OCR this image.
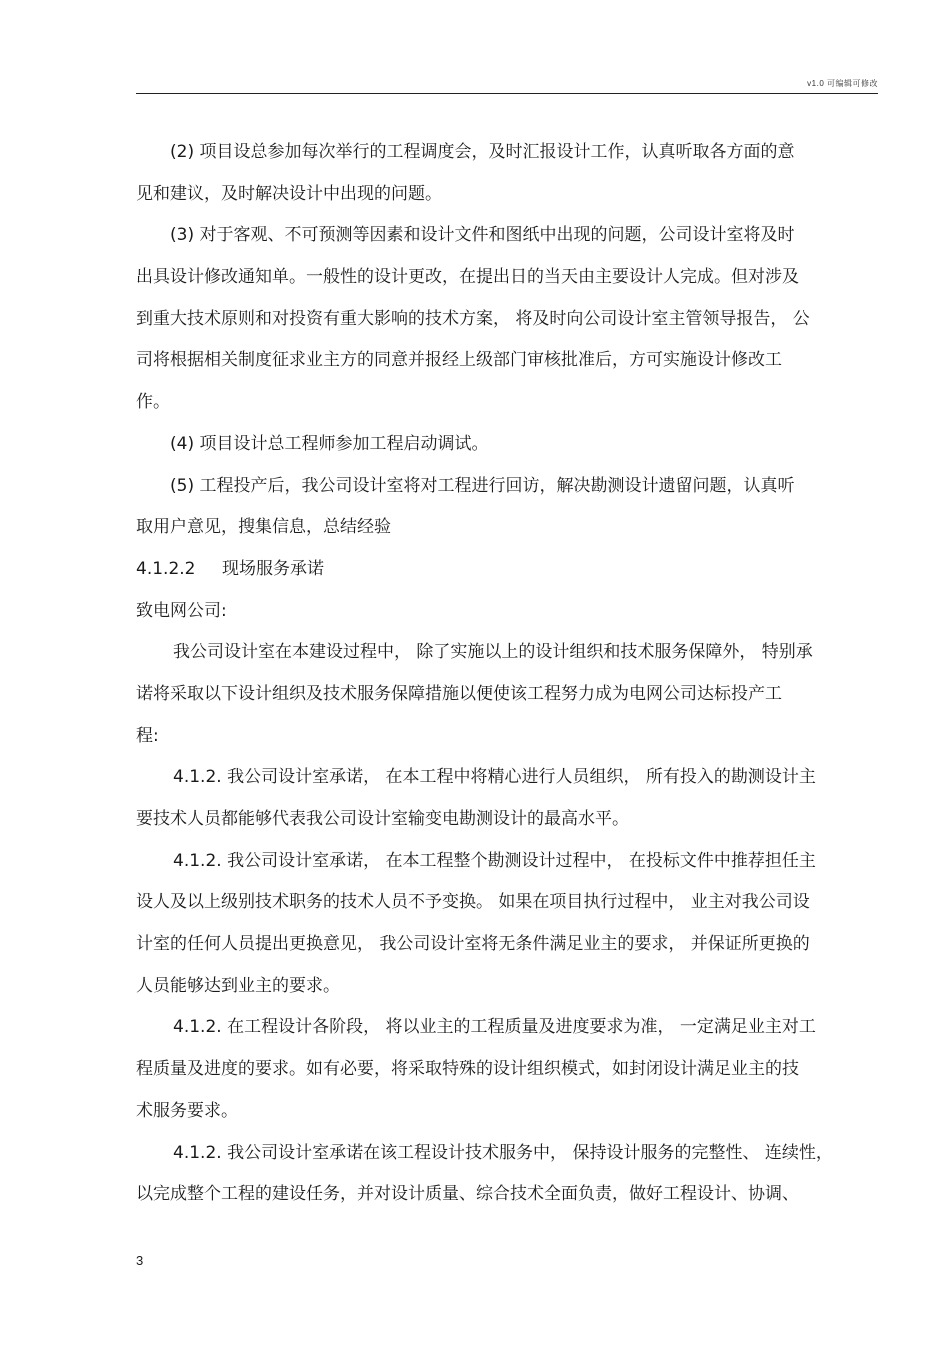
v1.0 可编辑可修改
(2) 项目设总参加每次举行的工程调度会，及时汇报设计工作，认真听取各方面的意
见和建议，及时解决设计中出现的问题。
(3) 对于客观、不可预测等因素和设计文件和图纸中出现的问题，公司设计室将及时
出具设计修改通知单。一般性的设计更改，在提出日的当天由主要设计人完成。但对涉及
到重大技术原则和对投资有重大影响的技术方案， 将及时向公司设计室主管领导报告， 公
司将根据相关制度征求业主方的同意并报经上级部门审核批准后，方可实施设计修改工
作。
(4) 项目设计总工程师参加工程启动调试。
(5) 工程投产后，我公司设计室将对工程进行回访，解决勘测设计遗留问题，认真听
取用户意见，搜集信息，总结经验
4.1.2.2 现场服务承诺
致电网公司:
我公司设计室在本建设过程中， 除了实施以上的设计组织和技术服务保障外， 特别承
诺将采取以下设计组织及技术服务保障措施以便使该工程努力成为电网公司达标投产工
程:
4.1.2. 我公司设计室承诺， 在本工程中将精心进行人员组织， 所有投入的勘测设计主
要技术人员都能够代表我公司设计室输变电勘测设计的最高水平。
4.1.2. 我公司设计室承诺， 在本工程整个勘测设计过程中， 在投标文件中推荐担任主
设人及以上级别技术职务的技术人员不予变换。 如果在项目执行过程中， 业主对我公司设
计室的任何人员提出更换意见， 我公司设计室将无条件满足业主的要求， 并保证所更换的
人员能够达到业主的要求。
4.1.2. 在工程设计各阶段， 将以业主的工程质量及进度要求为准， 一定满足业主对工
程质量及进度的要求。如有必要，将采取特殊的设计组织模式，如封闭设计满足业主的技
术服务要求。
4.1.2. 我公司设计室承诺在该工程设计技术服务中， 保持设计服务的完整性、 连续性，
以完成整个工程的建设任务，并对设计质量、综合技术全面负责，做好工程设计、协调、
3
